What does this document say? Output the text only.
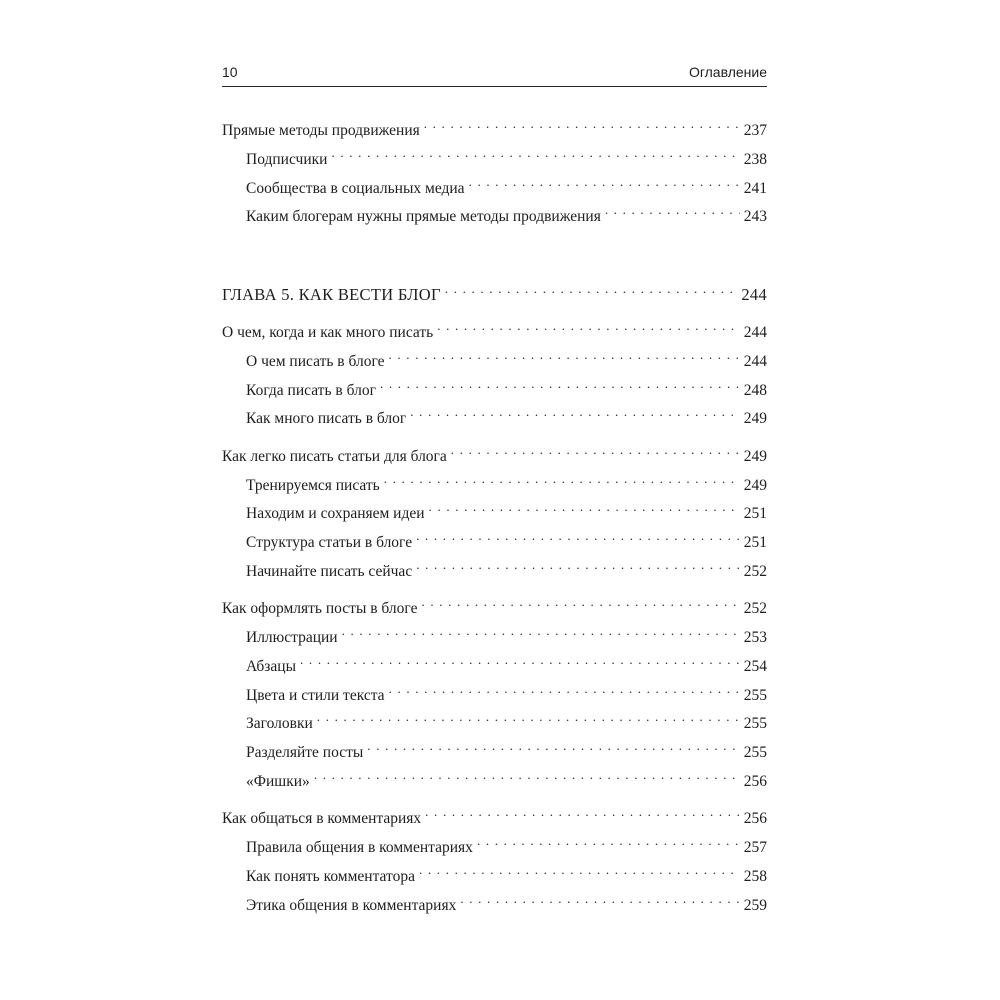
10	Оглавление
Прямые методы продвижения . . .	237
Подписчики . . .	238
Сообщества в социальных медиа . . .	241
Каким блогерам нужны прямые методы продвижения . . .	243
ГЛАВА 5. КАК ВЕСТИ БЛОГ . . .	244
О чем, когда и как много писать . . .	244
О чем писать в блоге . . .	244
Когда писать в блог . . .	248
Как много писать в блог . . .	249
Как легко писать статьи для блога . . .	249
Тренируемся писать . . .	249
Находим и сохраняем идеи . . .	251
Структура статьи в блоге . . .	251
Начинайте писать сейчас . . .	252
Как оформлять посты в блоге . . .	252
Иллюстрации . . .	253
Абзацы . . .	254
Цвета и стили текста . . .	255
Заголовки . . .	255
Разделяйте посты . . .	255
«Фишки» . . .	256
Как общаться в комментариях . . .	256
Правила общения в комментариях . . .	257
Как понять комментатора . . .	258
Этика общения в комментариях . . .	259
